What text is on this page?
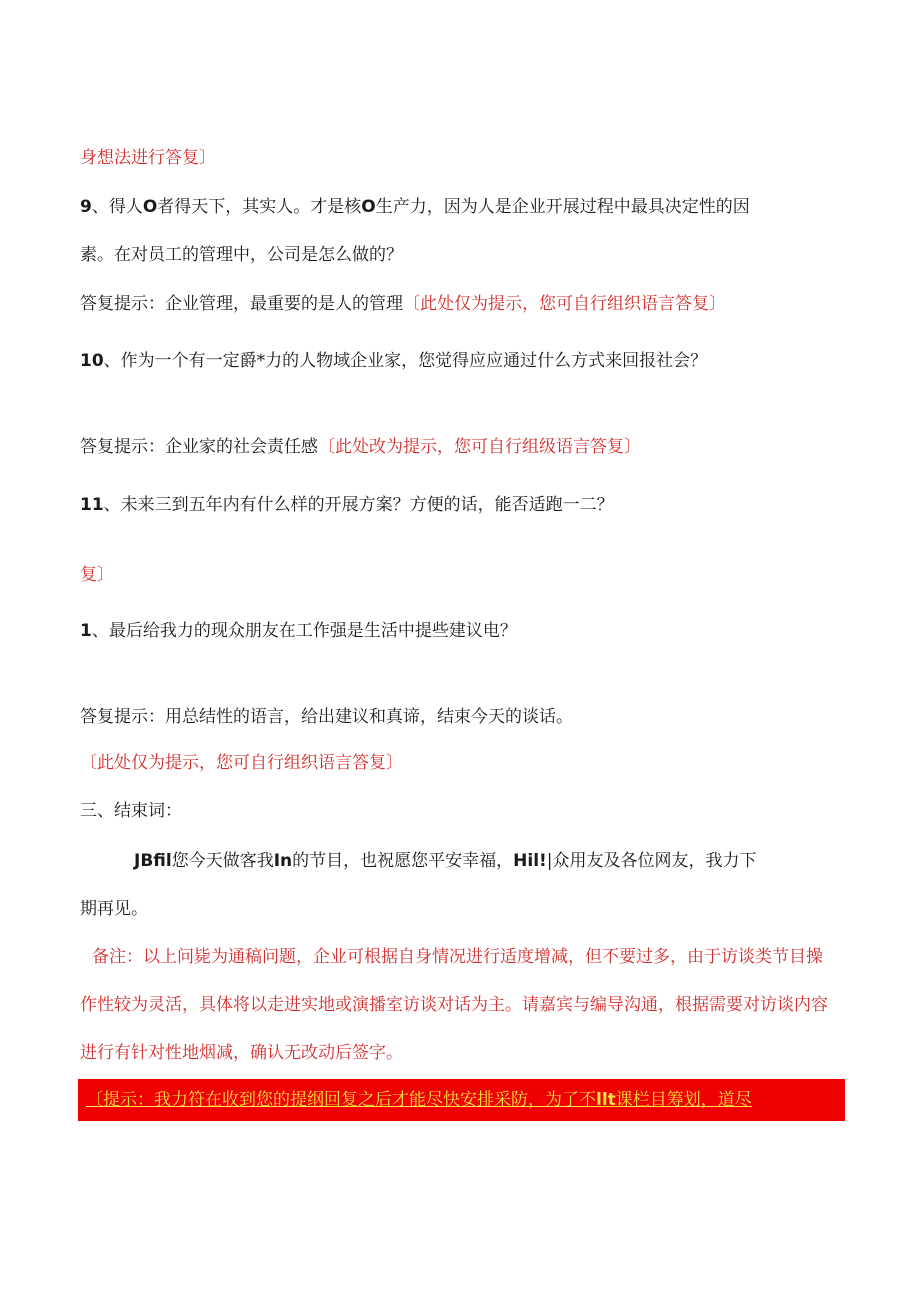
身想法进行答复〕
9、得人O者得天下，其实人。才是核O生产力，因为人是企业开展过程中最具决定性的因
素。在对员工的管理中，公司是怎么做的？
答复提示：企业管理，最重要的是人的管理〔此处仅为提示，您可自行组织语言答复〕
10、作为一个有一定爵*力的人物域企业家，您觉得应应通过什么方式来回报社会？
答复提示：企业家的社会责任感〔此处改为提示，您可自行组级语言答复〕
11、未来三到五年内有什么样的开展方案？方便的话，能否适跑一二？
复〕
1、最后给我力的现众朋友在工作强是生活中提些建议电？
答复提示：用总结性的语言，给出建议和真谛，结束今天的谈话。
〔此处仅为提示，您可自行组织语言答复〕
三、结束词：
JBfil您今天做客我In的节目，也祝愿您平安幸福，Hil!|众用友及各位网友，我力下
期再见。
备注：以上问毙为通稿问题，企业可根据自身情况进行适度增减，但不要过多，由于访谈类节目操
作性较为灵活，具体将以走进实地或演播室访谈对话为主。请嘉宾与编导沟通，根据需要对访谈内容
进行有针对性地烟减，确认无改动后签字。
〔提示：我力符在收到您的提纲回复之后才能尽快安排采防，为了不llt课栏目筹划，道尽
